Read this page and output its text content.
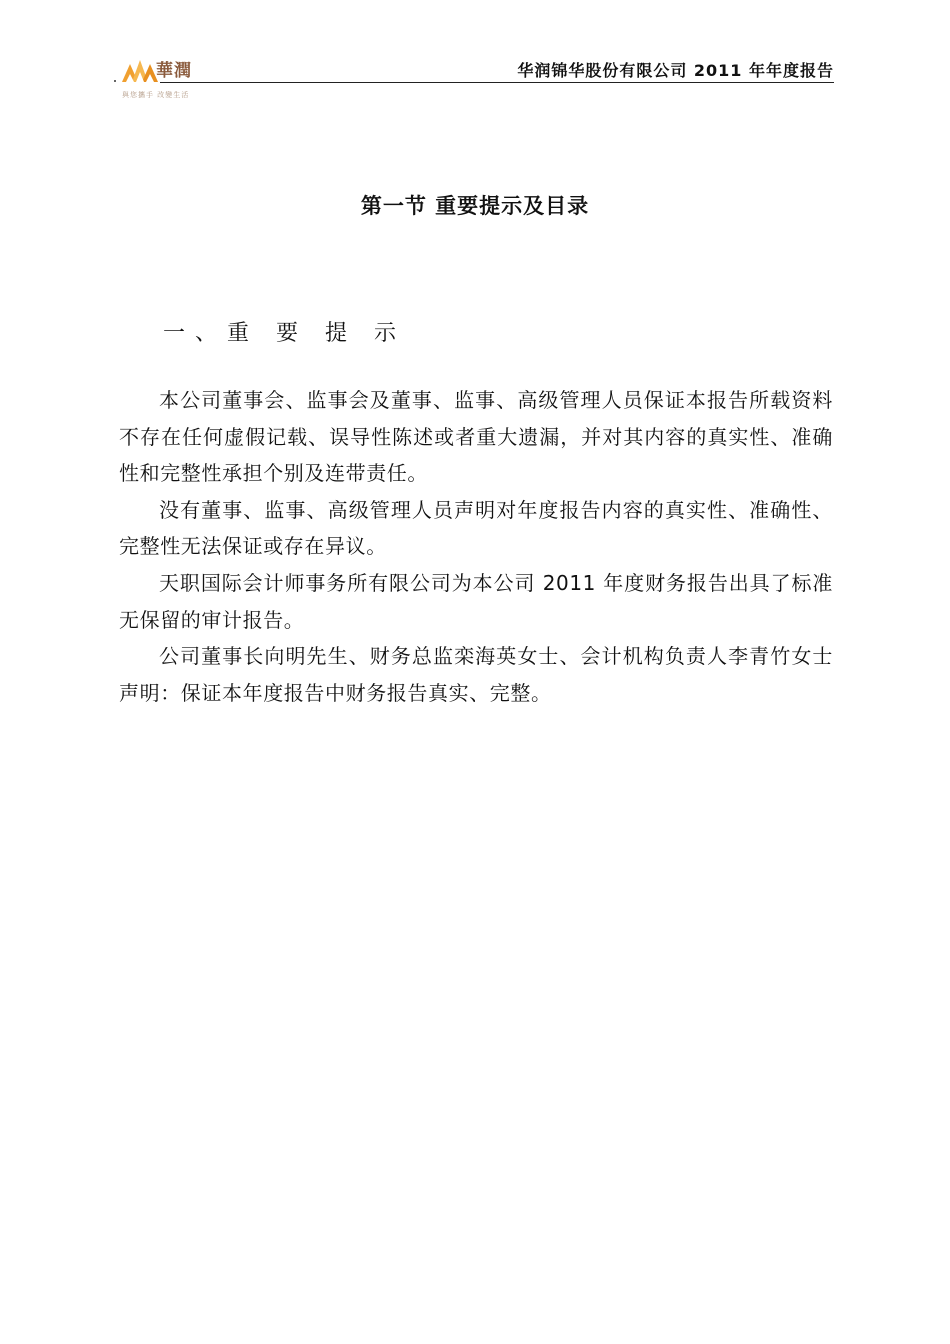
華潤
與您攜手 改變生活
华润锦华股份有限公司 2011 年年度报告
第一节 重要提示及目录
一、重 要 提 示

本公司董事会、监事会及董事、监事、高级管理人员保证本报告所载资料不存在任何虚假记载、误导性陈述或者重大遗漏，并对其内容的真实性、准确性和完整性承担个别及连带责任。

没有董事、监事、高级管理人员声明对年度报告内容的真实性、准确性、完整性无法保证或存在异议。

天职国际会计师事务所有限公司为本公司 2011 年度财务报告出具了标准无保留的审计报告。

公司董事长向明先生、财务总监栾海英女士、会计机构负责人李青竹女士声明：保证本年度报告中财务报告真实、完整。
